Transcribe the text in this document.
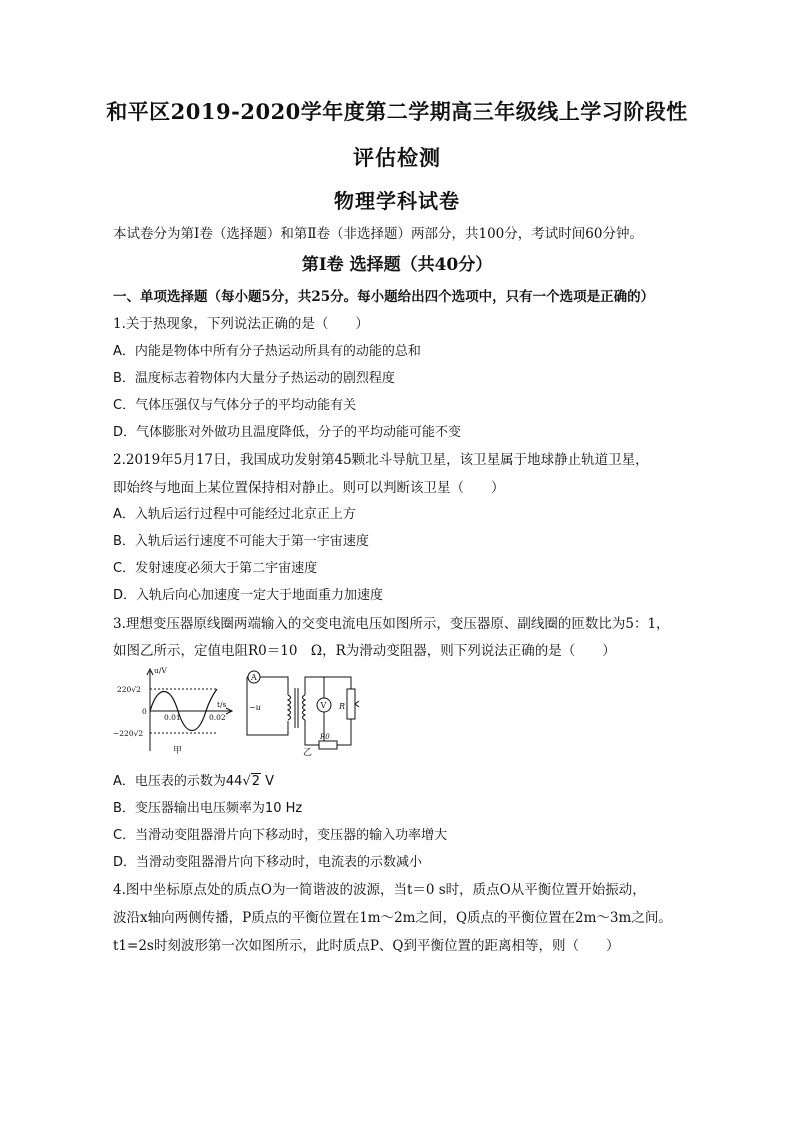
和平区2019-2020学年度第二学期高三年级线上学习阶段性
评估检测
物理学科试卷
本试卷分为第Ⅰ卷（选择题）和第Ⅱ卷（非选择题）两部分，共100分，考试时间60分钟。
第Ⅰ卷 选择题（共40分）
一、单项选择题（每小题5分，共25分。每小题给出四个选项中，只有一个选项是正确的）
1.关于热现象，下列说法正确的是（　　）
A．内能是物体中所有分子热运动所具有的动能的总和
B．温度标志着物体内大量分子热运动的剧烈程度
C．气体压强仅与气体分子的平均动能有关
D．气体膨胀对外做功且温度降低，分子的平均动能可能不变
2.2019年5月17日，我国成功发射第45颗北斗导航卫星，该卫星属于地球静止轨道卫星，
即始终与地面上某位置保持相对静止。则可以判断该卫星（　　）
A．入轨后运行过程中可能经过北京正上方
B．入轨后运行速度不可能大于第一宇宙速度
C．发射速度必须大于第二宇宙速度
D．入轨后向心加速度一定大于地面重力加速度
3.理想变压器原线圈两端输入的交变电流电压如图所示，变压器原、副线圈的匝数比为5：1，
如图乙所示，定值电阻R0＝10　Ω，R为滑动变阻器，则下列说法正确的是（　　）
u/V
t/s
220√2
−220√2
0
0.01	0.02
甲
A
V
~u	R
R0
乙
A．电压表的示数为44√2 V
B．变压器输出电压频率为10 Hz
C．当滑动变阻器滑片向下移动时，变压器的输入功率增大
D．当滑动变阻器滑片向下移动时，电流表的示数减小
4.图中坐标原点处的质点O为一简谐波的波源，当t＝0 s时，质点O从平衡位置开始振动，
波沿x轴向两侧传播，P质点的平衡位置在1m～2m之间，Q质点的平衡位置在2m～3m之间。
t1=2s时刻波形第一次如图所示，此时质点P、Q到平衡位置的距离相等，则（　　）
